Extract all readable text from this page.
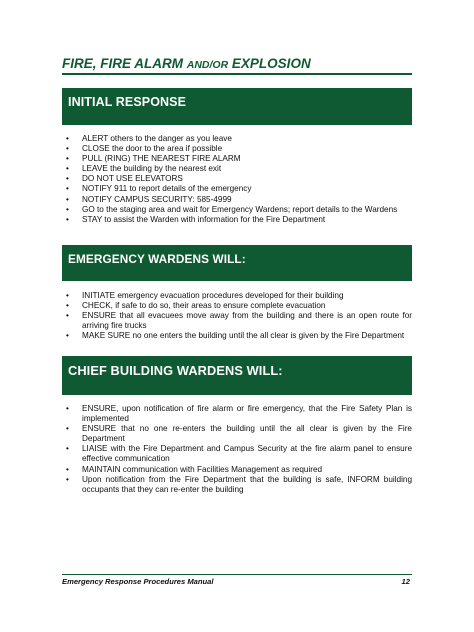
FIRE, FIRE ALARM AND/OR EXPLOSION
INITIAL RESPONSE
• ALERT others to the danger as you leave
• CLOSE the door to the area if possible
• PULL (RING) THE NEAREST FIRE ALARM
• LEAVE the building by the nearest exit
• DO NOT USE ELEVATORS
• NOTIFY 911 to report details of the emergency
• NOTIFY CAMPUS SECURITY: 585-4999
• GO to the staging area and wait for Emergency Wardens; report details to the Wardens
• STAY to assist the Warden with information for the Fire Department
EMERGENCY WARDENS WILL:
• INITIATE emergency evacuation procedures developed for their building
• CHECK, if safe to do so, their areas to ensure complete evacuation
• ENSURE that all evacuees move away from the building and there is an open route for arriving fire trucks
• MAKE SURE no one enters the building until the all clear is given by the Fire Department
CHIEF BUILDING WARDENS WILL:
• ENSURE, upon notification of fire alarm or fire emergency, that the Fire Safety Plan is implemented
• ENSURE that no one re-enters the building until the all clear is given by the Fire Department
• LIAISE with the Fire Department and Campus Security at the fire alarm panel to ensure effective communication
• MAINTAIN communication with Facilities Management as required
• Upon notification from the Fire Department that the building is safe, INFORM building occupants that they can re-enter the building
Emergency Response Procedures Manual	12
